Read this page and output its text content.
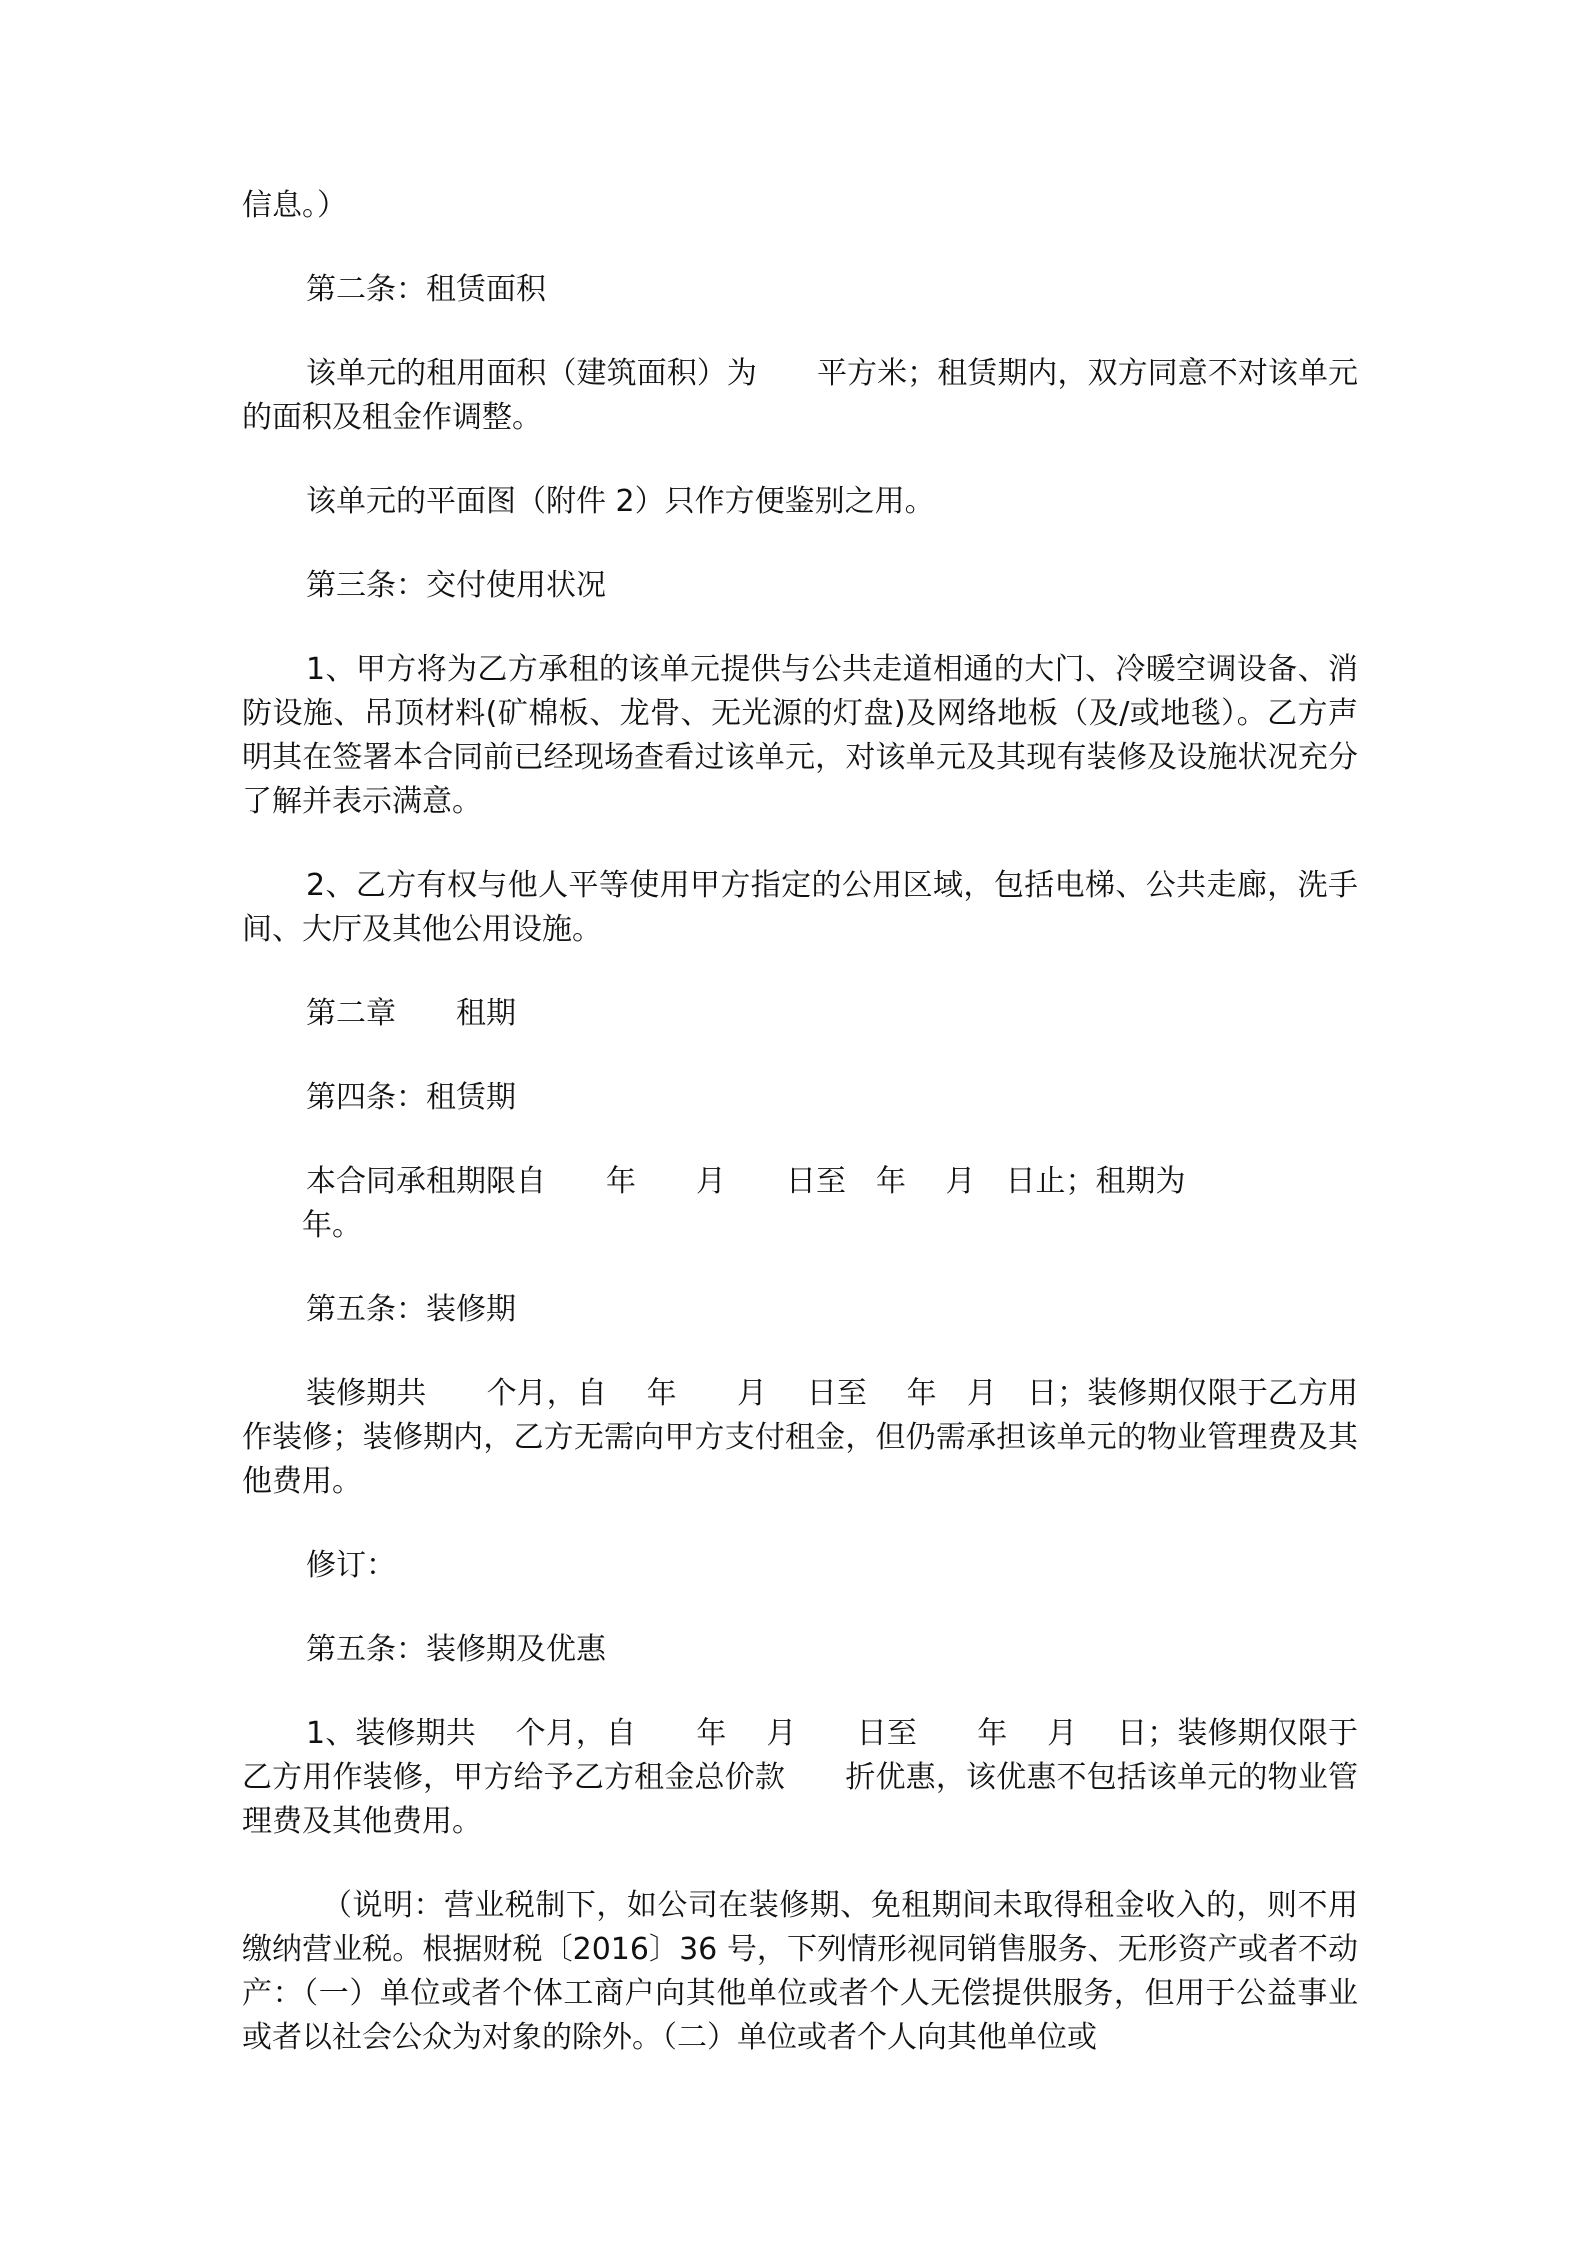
信息。）

第二条：租赁面积

该单元的租用面积（建筑面积）为　　平方米；租赁期内，双方同意不对该单元的面积及租金作调整。

该单元的平面图（附件 2）只作方便鉴别之用。

第三条：交付使用状况

1、甲方将为乙方承租的该单元提供与公共走道相通的大门、冷暖空调设备、消防设施、吊顶材料(矿棉板、龙骨、无光源的灯盘)及网络地板（及/或地毯）。乙方声明其在签署本合同前已经现场查看过该单元，对该单元及其现有装修及设施状况充分了解并表示满意。

2、乙方有权与他人平等使用甲方指定的公用区域，包括电梯、公共走廊，洗手间、大厅及其他公用设施。

第二章　　租期

第四条：租赁期

本合同承租期限自　　年　　月　　日至　年　 月　日止；租期为
　　年。

第五条：装修期

装修期共　　个月，自　 年　　月　 日至　 年　月　日；装修期仅限于乙方用作装修；装修期内，乙方无需向甲方支付租金，但仍需承担该单元的物业管理费及其他费用。

修订：

第五条：装修期及优惠

1、装修期共　 个月，自　　年　 月　　日至　　年　 月　 日；装修期仅限于乙方用作装修，甲方给予乙方租金总价款　　折优惠，该优惠不包括该单元的物业管理费及其他费用。

（说明：营业税制下，如公司在装修期、免租期间未取得租金收入的，则不用缴纳营业税。根据财税〔2016〕36 号，下列情形视同销售服务、无形资产或者不动产：（一）单位或者个体工商户向其他单位或者个人无偿提供服务，但用于公益事业或者以社会公众为对象的除外。（二）单位或者个人向其他单位或
